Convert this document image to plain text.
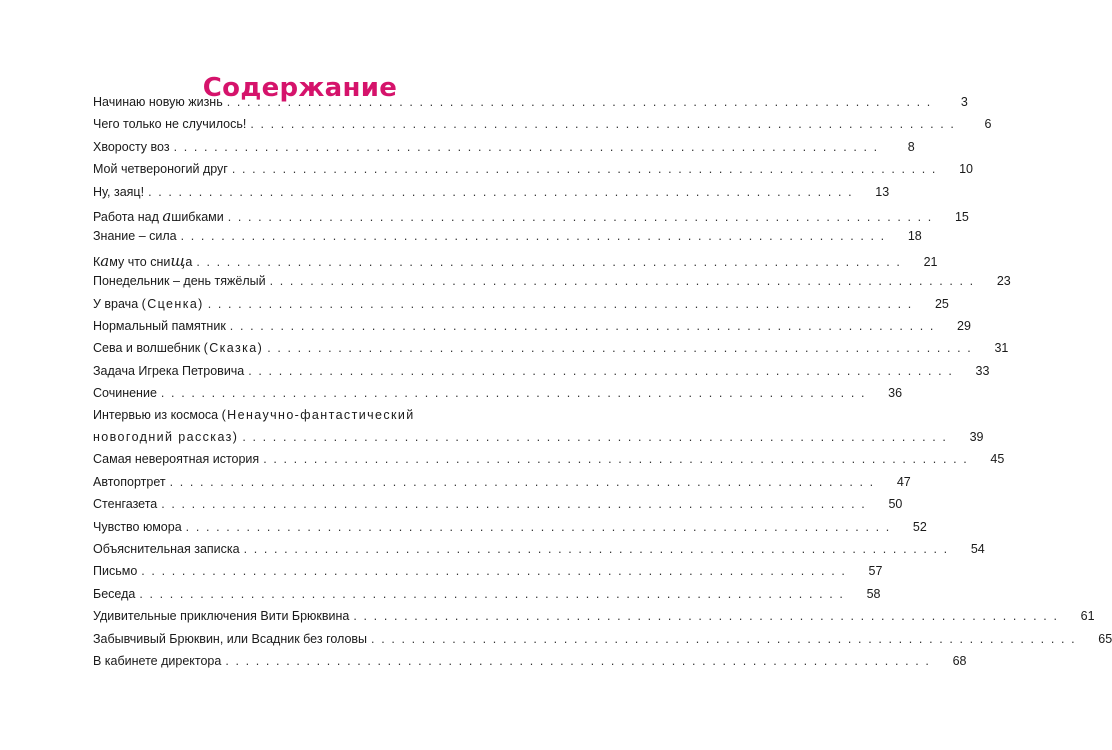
Содержание
Начинаю новую жизнь . . .	3
Чего только не случилось! . . .	6
Хворосту воз . . .	8
Мой четвероногий друг . . .	10
Ну, заяц! . . .	13
Работа над ашибками . . .	15
Знание – сила . . .	18
Каму что снища . . .	21
Понедельник – день тяжёлый . . .	23
У врача (Сценка) . . .	25
Нормальный памятник . . .	29
Сева и волшебник (Сказка) . . .	31
Задача Игрека Петровича . . .	33
Сочинение . . .	36
Интервью из космоса (Ненаучно-фантастический
новогодний рассказ) . . .	39
Самая невероятная история . . .	45
Автопортрет . . .	47
Стенгазета . . .	50
Чувство юмора . . .	52
Объяснительная записка . . .	54
Письмо . . .	57
Беседа . . .	58
Удивительные приключения Вити Брюквина . . .	61
Забывчивый Брюквин, или Всадник без головы . . .	65
В кабинете директора . . .	68
